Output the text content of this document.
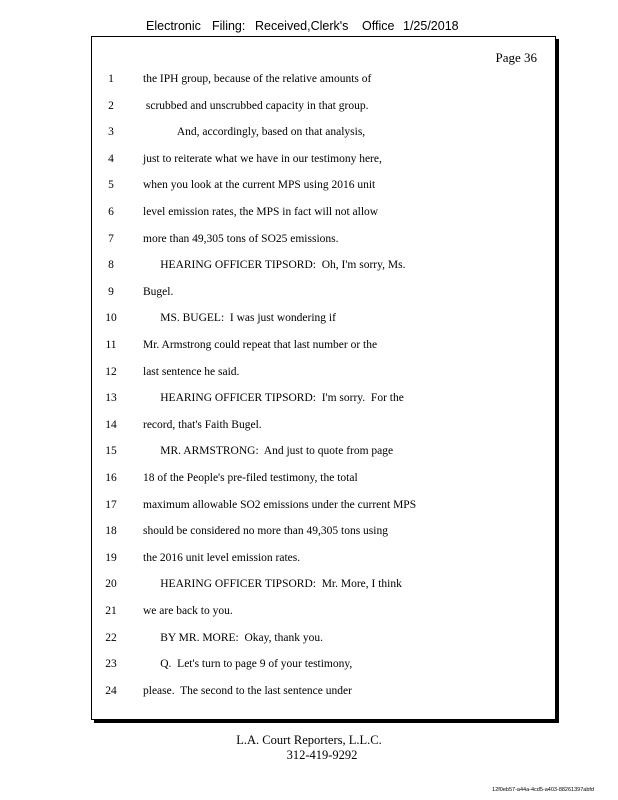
Electronic Filing: Received,Clerk's Office 1/25/2018
Page 36
1	the IPH group, because of the relative amounts of
2	scrubbed and unscrubbed capacity in that group.
3	And, accordingly, based on that analysis,
4	just to reiterate what we have in our testimony here,
5	when you look at the current MPS using 2016 unit
6	level emission rates, the MPS in fact will not allow
7	more than 49,305 tons of SO25 emissions.
8	HEARING OFFICER TIPSORD:  Oh, I'm sorry, Ms.
9	Bugel.
10	MS. BUGEL:  I was just wondering if
11	Mr. Armstrong could repeat that last number or the
12	last sentence he said.
13	HEARING OFFICER TIPSORD:  I'm sorry.  For the
14	record, that's Faith Bugel.
15	MR. ARMSTRONG:  And just to quote from page
16	18 of the People's pre-filed testimony, the total
17	maximum allowable SO2 emissions under the current MPS
18	should be considered no more than 49,305 tons using
19	the 2016 unit level emission rates.
20	HEARING OFFICER TIPSORD:  Mr. More, I think
21	we are back to you.
22	BY MR. MORE:  Okay, thank you.
23	Q.  Let's turn to page 9 of your testimony,
24	please.  The second to the last sentence under
L.A. Court Reporters, L.L.C.
312-419-9292
12f0eb57-a44a-4cd5-a403-88261397abfd
